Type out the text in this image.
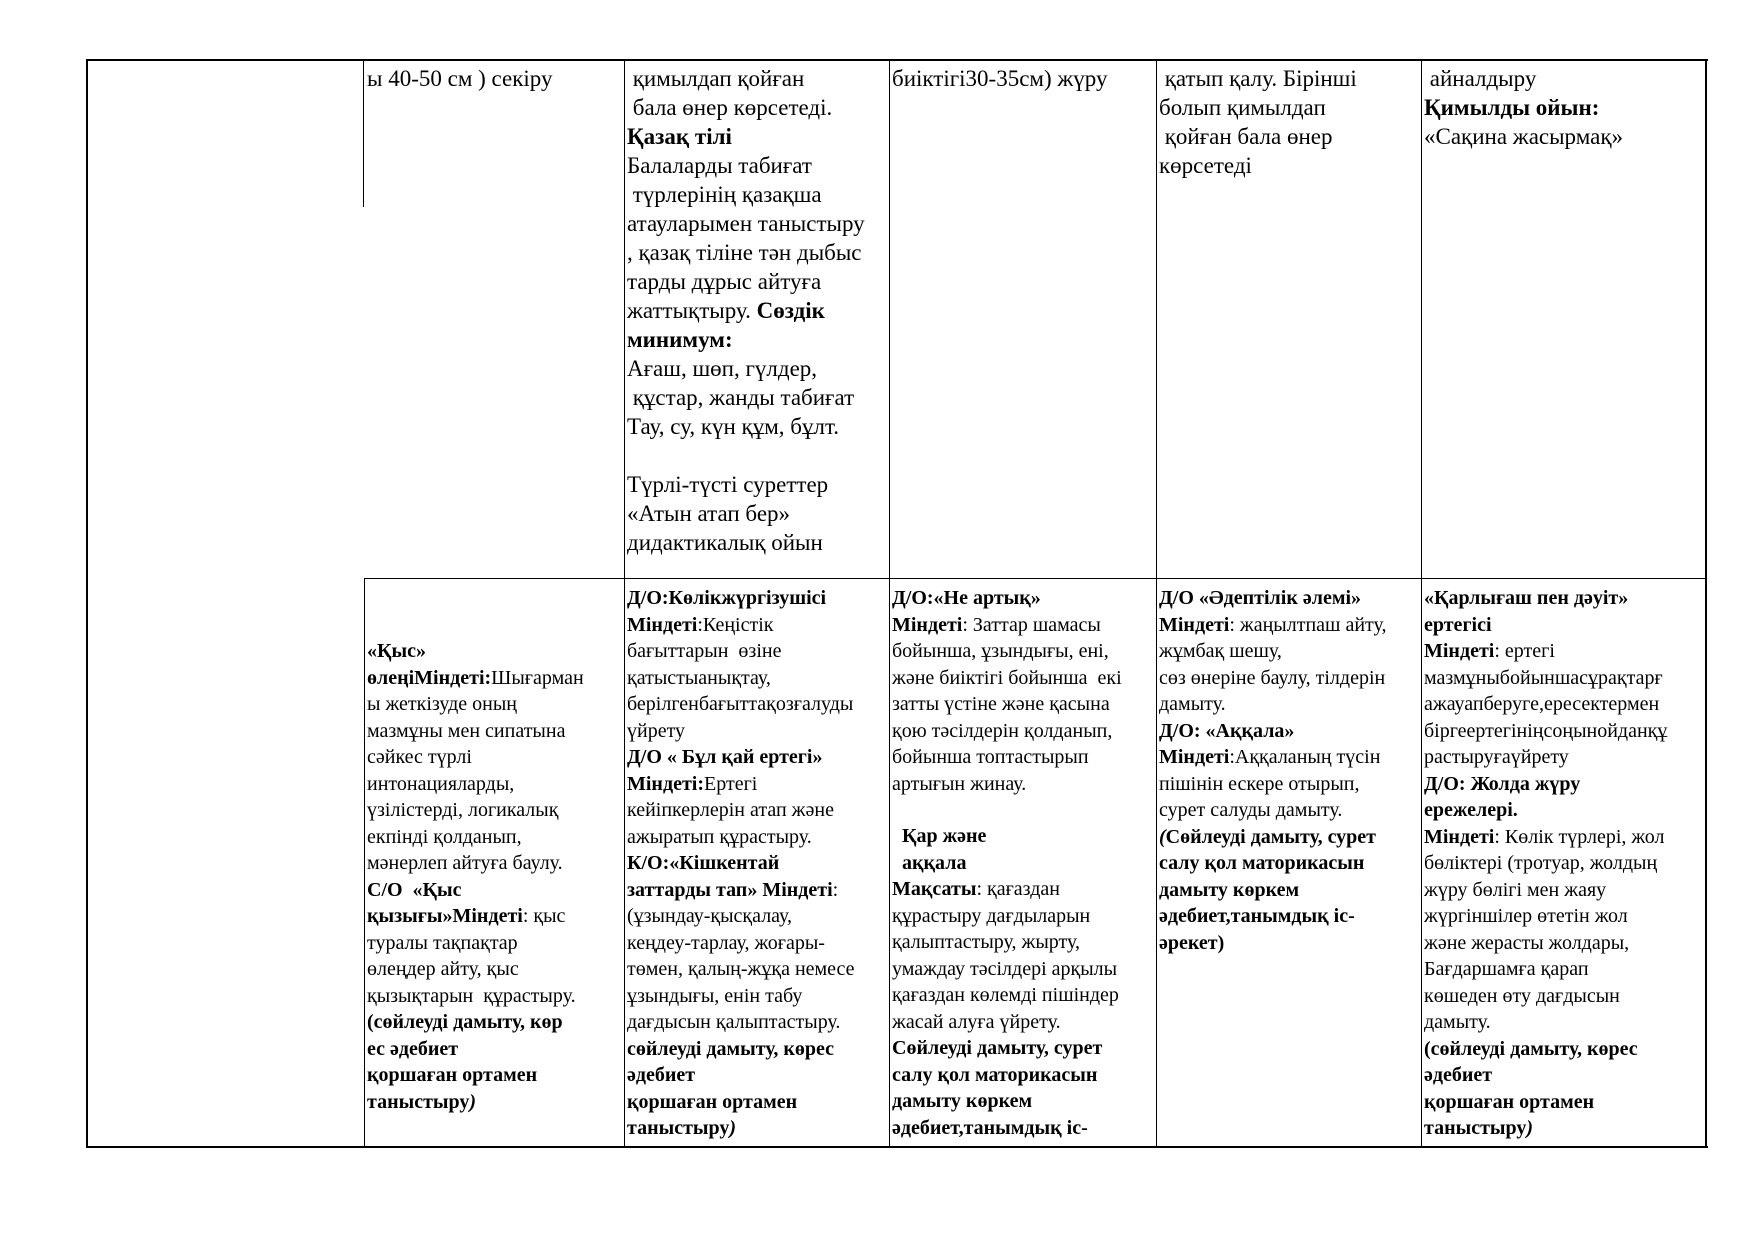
ы 40-50 см ) секіру	қимылдап қойған
бала өнер көрсетеді.
Қазақ тілі
Балаларды табиғат
түрлерінің қазақша
атауларымен таныстыру
, қазақ тіліне тән дыбыс
тарды дұрыс айтуға
жаттықтыру. Сөздік
минимум:
Ағаш, шөп, гүлдер,
құстар, жанды табиғат
Тау, су, күн құм, бұлт.
Түрлі-түсті суреттер
«Атын атап бер»
дидактикалық ойын
биіктігі30-35см) жүру	қатып қалу. Бірінші
болып қимылдап
қойған бала өнер
көрсетеді
айналдыру
Қимылды ойын:
«Сақина жасырмақ»
«Қыс»
өлеңіМіндеті:Шығарман
ы жеткізуде оның
мазмұны мен сипатына
сәйкес түрлі
интонацияларды,
үзілістерді, логикалық
екпінді қолданып,
мәнерлеп айтуға баулу.
С/О  «Қыс
қызығы»Міндеті: қыс
туралы тақпақтар
өлеңдер айту, қыс
қызықтарын  құрастыру.
(сөйлеуді дамыту, көр
ес әдебиет
қоршаған ортамен
таныстыру)
Д/О:Көлікжүргізушісі
Міндеті:Кеңістік
бағыттарын  өзіне
қатыстыанықтау,
берілгенбағыттақозғалуды
үйрету
Д/О « Бұл қай ертегі»
Міндеті:Ертегі
кейіпкерлерін атап және
ажыратып құрастыру.
К/О:«Кішкентай
заттарды тап» Міндеті:
(ұзындау-қысқалау,
кеңдеу-тарлау, жоғары-
төмен, қалың-жұқа немесе
ұзындығы, енін табу
дағдысын қалыптастыру.
сөйлеуді дамыту, көрес
әдебиет
қоршаған ортамен
таныстыру)
Д/О:«Не артық»
Міндеті: Заттар шамасы
бойынша, ұзындығы, ені,
және биіктігі бойынша  екі
затты үстіне және қасына
қою тәсілдерін қолданып,
бойынша топтастырып
артығын жинау.
Қар және
аққала
Мақсаты: қағаздан
құрастыру дағдыларын
қалыптастыру, жырту,
умаждау тәсілдері арқылы
қағаздан көлемді пішіндер
жасай алуға үйрету.
Сөйлеуді дамыту, сурет
салу қол маторикасын
дамыту көркем
әдебиет,танымдық іс-
Д/О «Әдептілік әлемі»
Міндеті: жаңылтпаш айту,
жұмбақ шешу,
сөз өнеріне баулу, тілдерін
дамыту.
Д/О: «Аққала»
Міндеті:Аққаланың түсін
пішінін ескере отырып,
сурет салуды дамыту.
(Сөйлеуді дамыту, сурет
салу қол маторикасын
дамыту көркем
әдебиет,танымдық іс-
әрекет)
«Қарлығаш пен дәуіт»
ертегісі
Міндеті: ертегі
мазмұныбойыншасұрақтарғ
ажауапберуге,ересектермен
біргеертегініңсоңынойданқұ
растыруғаүйрету
Д/О: Жолда жүру
ережелері.
Міндеті: Көлік түрлері, жол
бөліктері (тротуар, жолдың
жүру бөлігі мен жаяу
жүргіншілер өтетін жол
және жерасты жолдары,
Бағдаршамға қарап
көшеден өту дағдысын
дамыту.
(сөйлеуді дамыту, көрес
әдебиет
қоршаған ортамен
таныстыру)
